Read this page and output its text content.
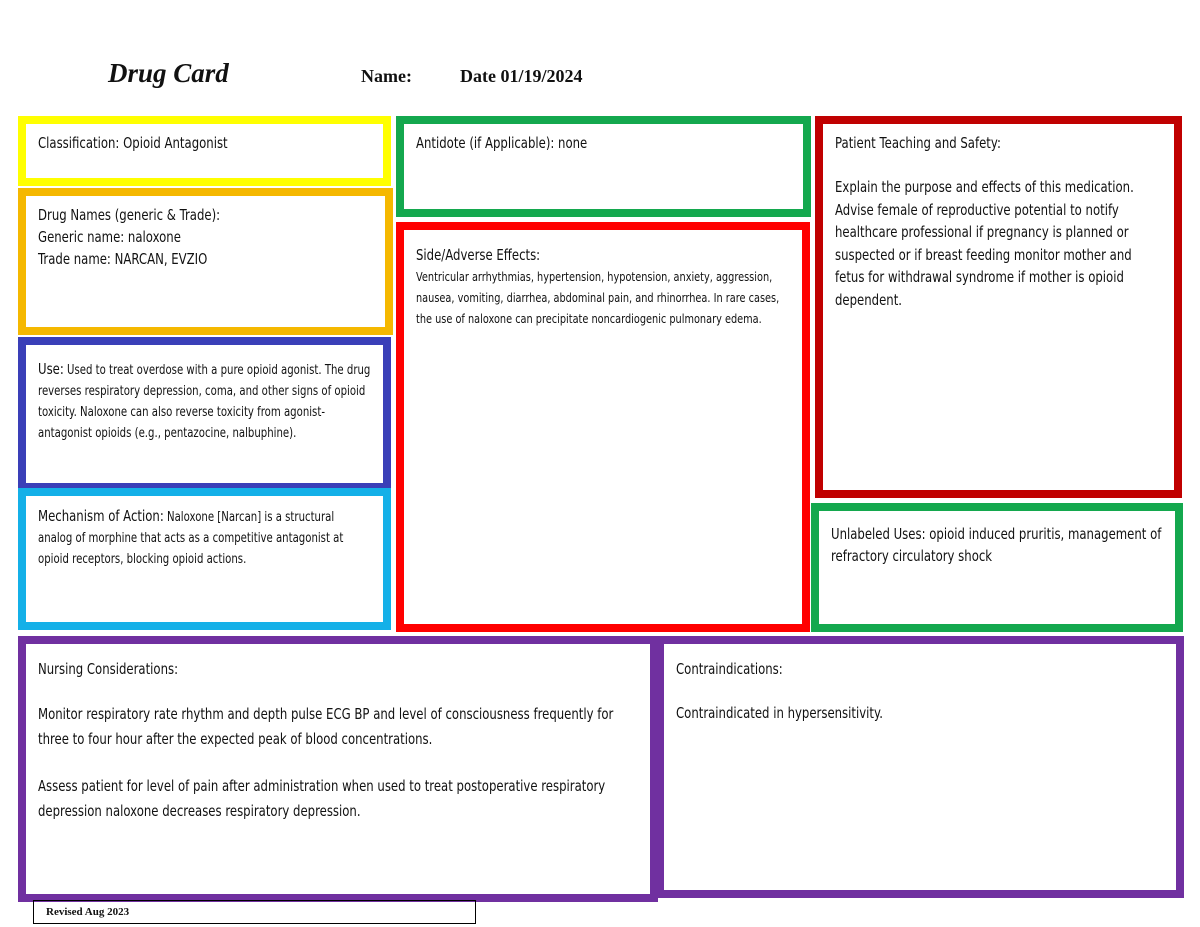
Drug Card	Name:	Date 01/19/2024
Classification: Opioid Antagonist
Drug Names (generic & Trade):
Generic name: naloxone
Trade name: NARCAN, EVZIO
Use: Used to treat overdose with a pure opioid agonist. The drug reverses respiratory depression, coma, and other signs of opioid toxicity. Naloxone can also reverse toxicity from agonist-antagonist opioids (e.g., pentazocine, nalbuphine).
Mechanism of Action: Naloxone [Narcan] is a structural analog of morphine that acts as a competitive antagonist at opioid receptors, blocking opioid actions.
Antidote (if Applicable): none
Side/Adverse Effects:
Ventricular arrhythmias, hypertension, hypotension, anxiety, aggression, nausea, vomiting, diarrhea, abdominal pain, and rhinorrhea. In rare cases, the use of naloxone can precipitate noncardiogenic pulmonary edema.
Patient Teaching and Safety:
Explain the purpose and effects of this medication. Advise female of reproductive potential to notify healthcare professional if pregnancy is planned or suspected or if breast feeding monitor mother and fetus for withdrawal syndrome if mother is opioid dependent.
Unlabeled Uses: opioid induced pruritis, management of refractory circulatory shock
Nursing Considerations:
Monitor respiratory rate rhythm and depth pulse ECG BP and level of consciousness frequently for three to four hour after the expected peak of blood concentrations.
Assess patient for level of pain after administration when used to treat postoperative respiratory depression naloxone decreases respiratory depression.
Contraindications:
Contraindicated in hypersensitivity.
Revised Aug 2023
